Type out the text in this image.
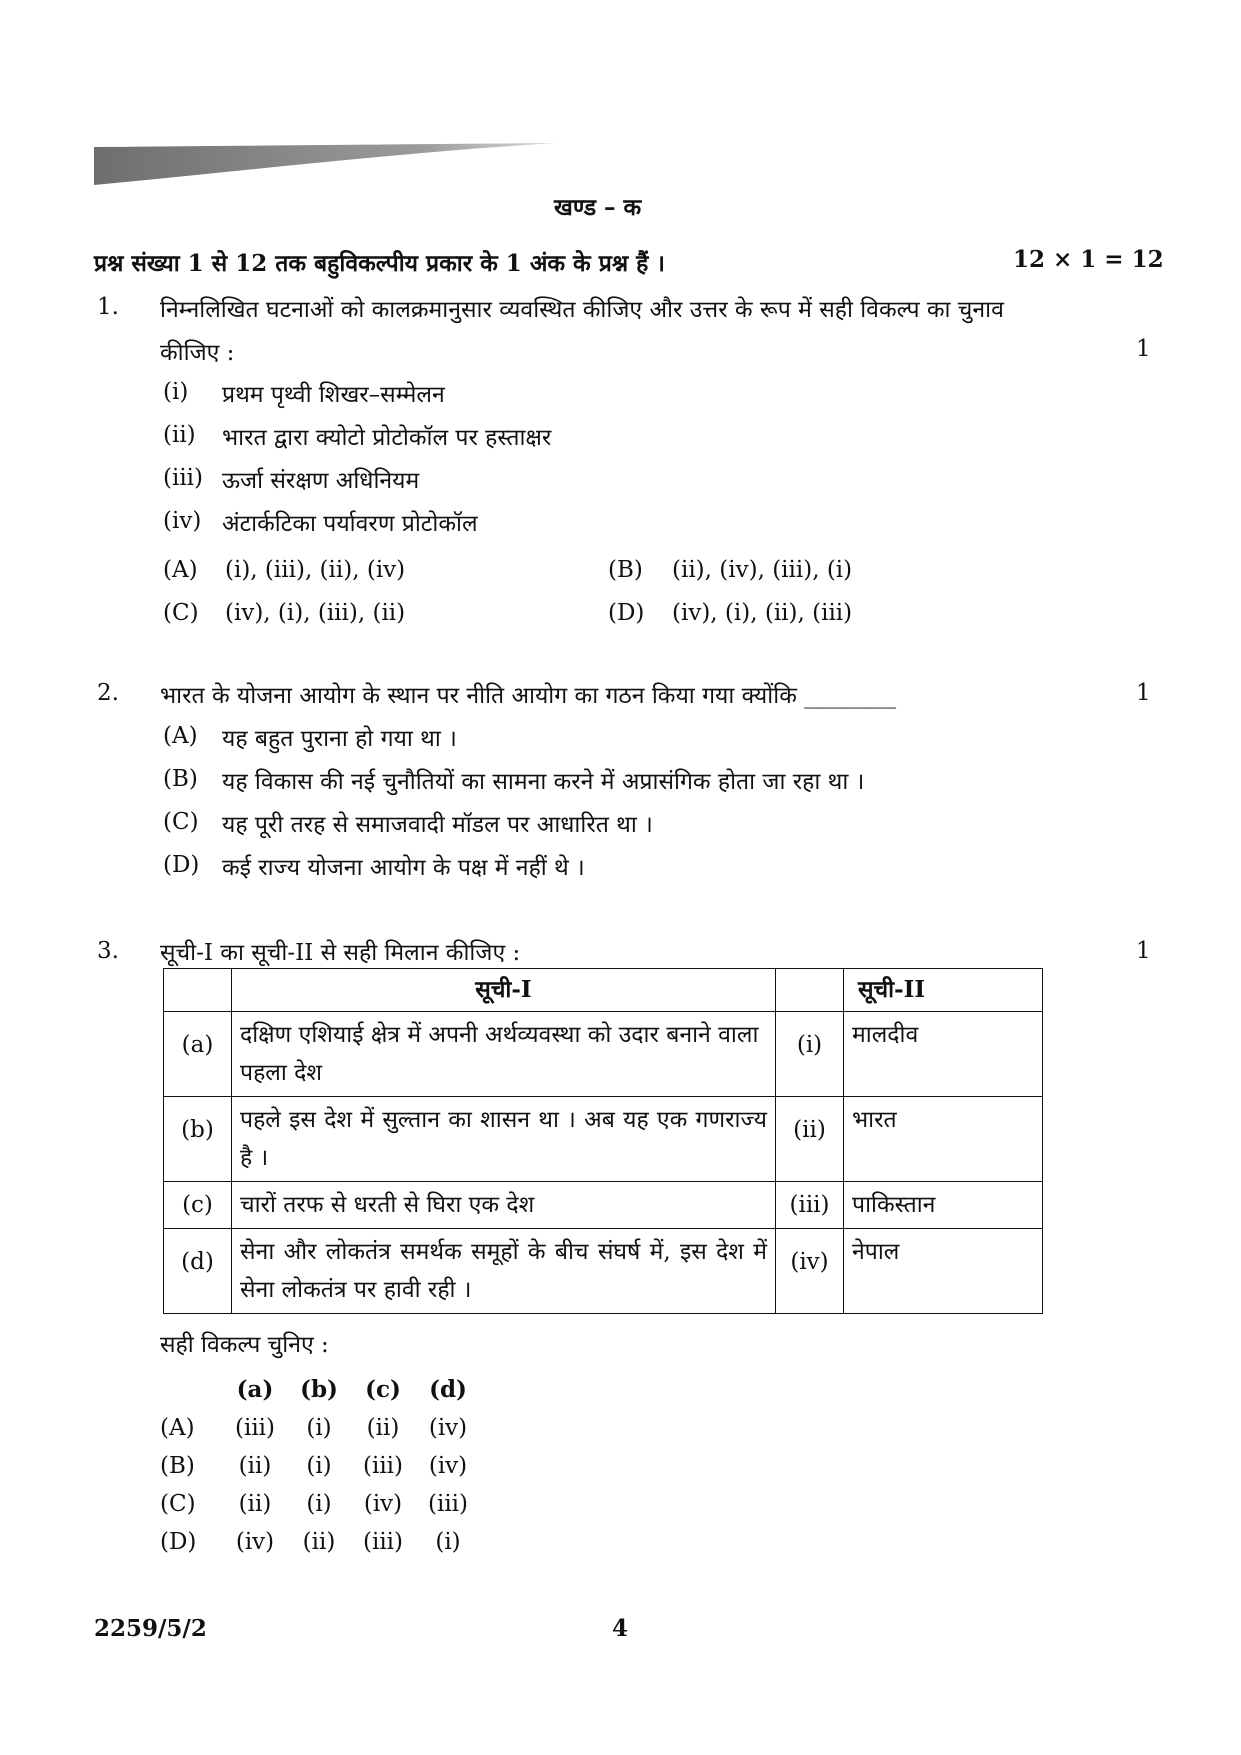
खण्ड – क
प्रश्न संख्या 1 से 12 तक बहुविकल्पीय प्रकार के 1 अंक के प्रश्न हैं ।	12 × 1 = 12
1. निम्नलिखित घटनाओं को कालक्रमानुसार व्यवस्थित कीजिए और उत्तर के रूप में सही विकल्प का चुनाव
कीजिए :	1
(i) प्रथम पृथ्वी शिखर–सम्मेलन
(ii) भारत द्वारा क्योटो प्रोटोकॉल पर हस्ताक्षर
(iii) ऊर्जा संरक्षण अधिनियम
(iv) अंटार्कटिका पर्यावरण प्रोटोकॉल
(A) (i), (iii), (ii), (iv)	(B) (ii), (iv), (iii), (i)
(C) (iv), (i), (iii), (ii)	(D) (iv), (i), (ii), (iii)
2. भारत के योजना आयोग के स्थान पर नीति आयोग का गठन किया गया क्योंकि ________	1
(A) यह बहुत पुराना हो गया था ।
(B) यह विकास की नई चुनौतियों का सामना करने में अप्रासंगिक होता जा रहा था ।
(C) यह पूरी तरह से समाजवादी मॉडल पर आधारित था ।
(D) कई राज्य योजना आयोग के पक्ष में नहीं थे ।
3. सूची-I का सूची-II से सही मिलान कीजिए :	1
	सूची-I		सूची-II
(a)	दक्षिण एशियाई क्षेत्र में अपनी अर्थव्यवस्था को उदार बनाने वाला पहला देश	(i)	मालदीव
(b)	पहले इस देश में सुल्तान का शासन था । अब यह एक गणराज्य है ।	(ii)	भारत
(c)	चारों तरफ से धरती से घिरा एक देश	(iii)	पाकिस्तान
(d)	सेना और लोकतंत्र समर्थक समूहों के बीच संघर्ष में, इस देश में सेना लोकतंत्र पर हावी रही ।	(iv)	नेपाल
सही विकल्प चुनिए :
(a) (b)	(c)	(d)
(A) (iii)	(i)	(ii)	(iv)
(B)	(ii)	(i)	(iii)	(iv)
(C)	(ii)	(i)	(iv)	(iii)
(D) (iv)	(ii)	(iii)	(i)
2259/5/2	4
